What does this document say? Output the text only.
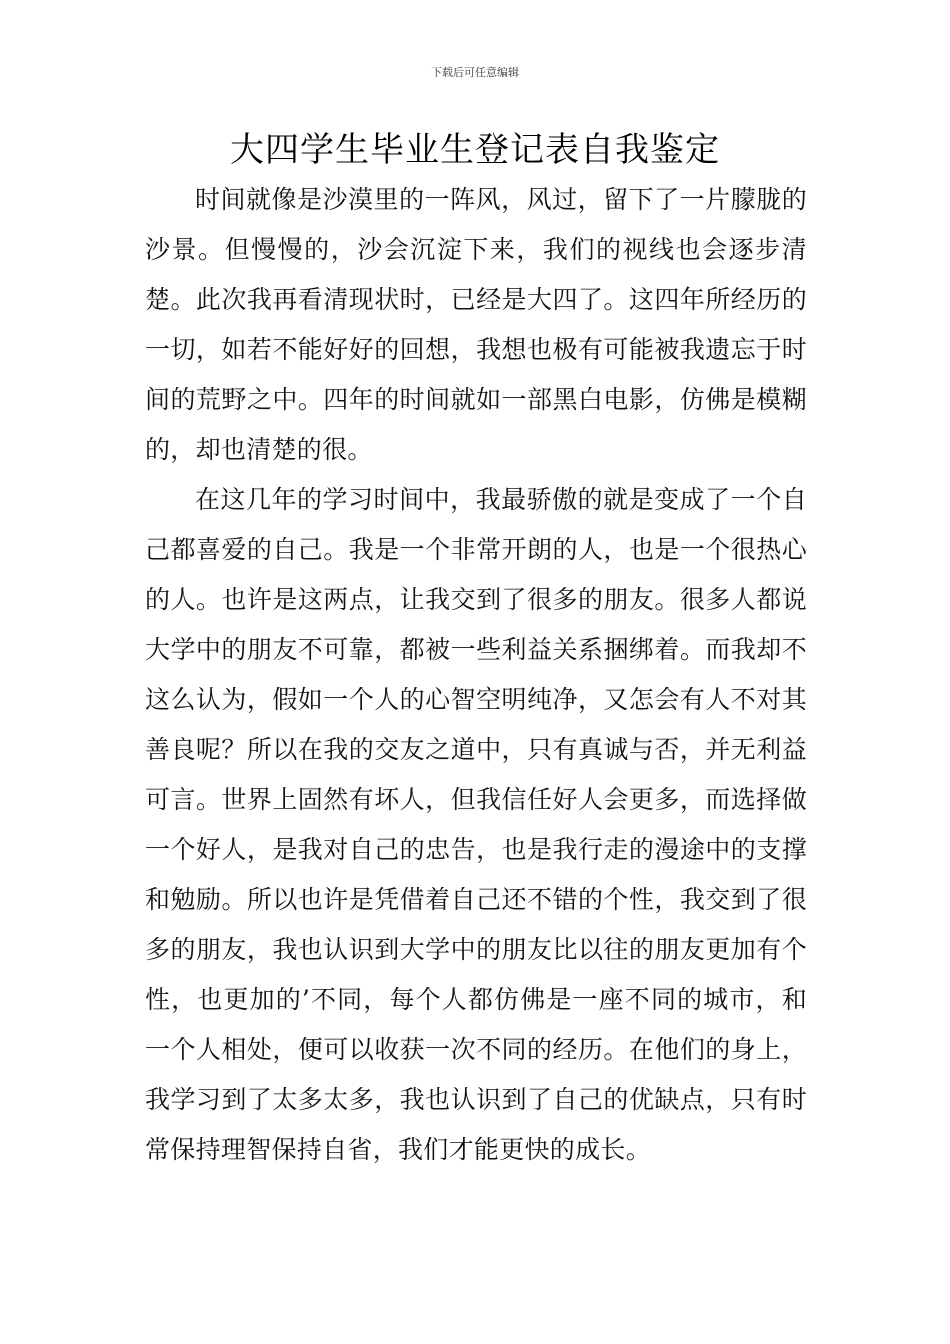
下载后可任意编辑
大四学生毕业生登记表自我鉴定

时间就像是沙漠里的一阵风，风过，留下了一片朦胧的沙景。但慢慢的，沙会沉淀下来，我们的视线也会逐步清楚。此次我再看清现状时，已经是大四了。这四年所经历的一切，如若不能好好的回想，我想也极有可能被我遗忘于时间的荒野之中。四年的时间就如一部黑白电影，仿佛是模糊的，却也清楚的很。

在这几年的学习时间中，我最骄傲的就是变成了一个自己都喜爱的自己。我是一个非常开朗的人，也是一个很热心的人。也许是这两点，让我交到了很多的朋友。很多人都说大学中的朋友不可靠，都被一些利益关系捆绑着。而我却不这么认为，假如一个人的心智空明纯净，又怎会有人不对其善良呢？所以在我的交友之道中，只有真诚与否，并无利益可言。世界上固然有坏人，但我信任好人会更多，而选择做一个好人，是我对自己的忠告，也是我行走的漫途中的支撑和勉励。所以也许是凭借着自己还不错的个性，我交到了很多的朋友，我也认识到大学中的朋友比以往的朋友更加有个性，也更加的’不同，每个人都仿佛是一座不同的城市，和一个人相处，便可以收获一次不同的经历。在他们的身上，我学习到了太多太多，我也认识到了自己的优缺点，只有时常保持理智保持自省，我们才能更快的成长。
